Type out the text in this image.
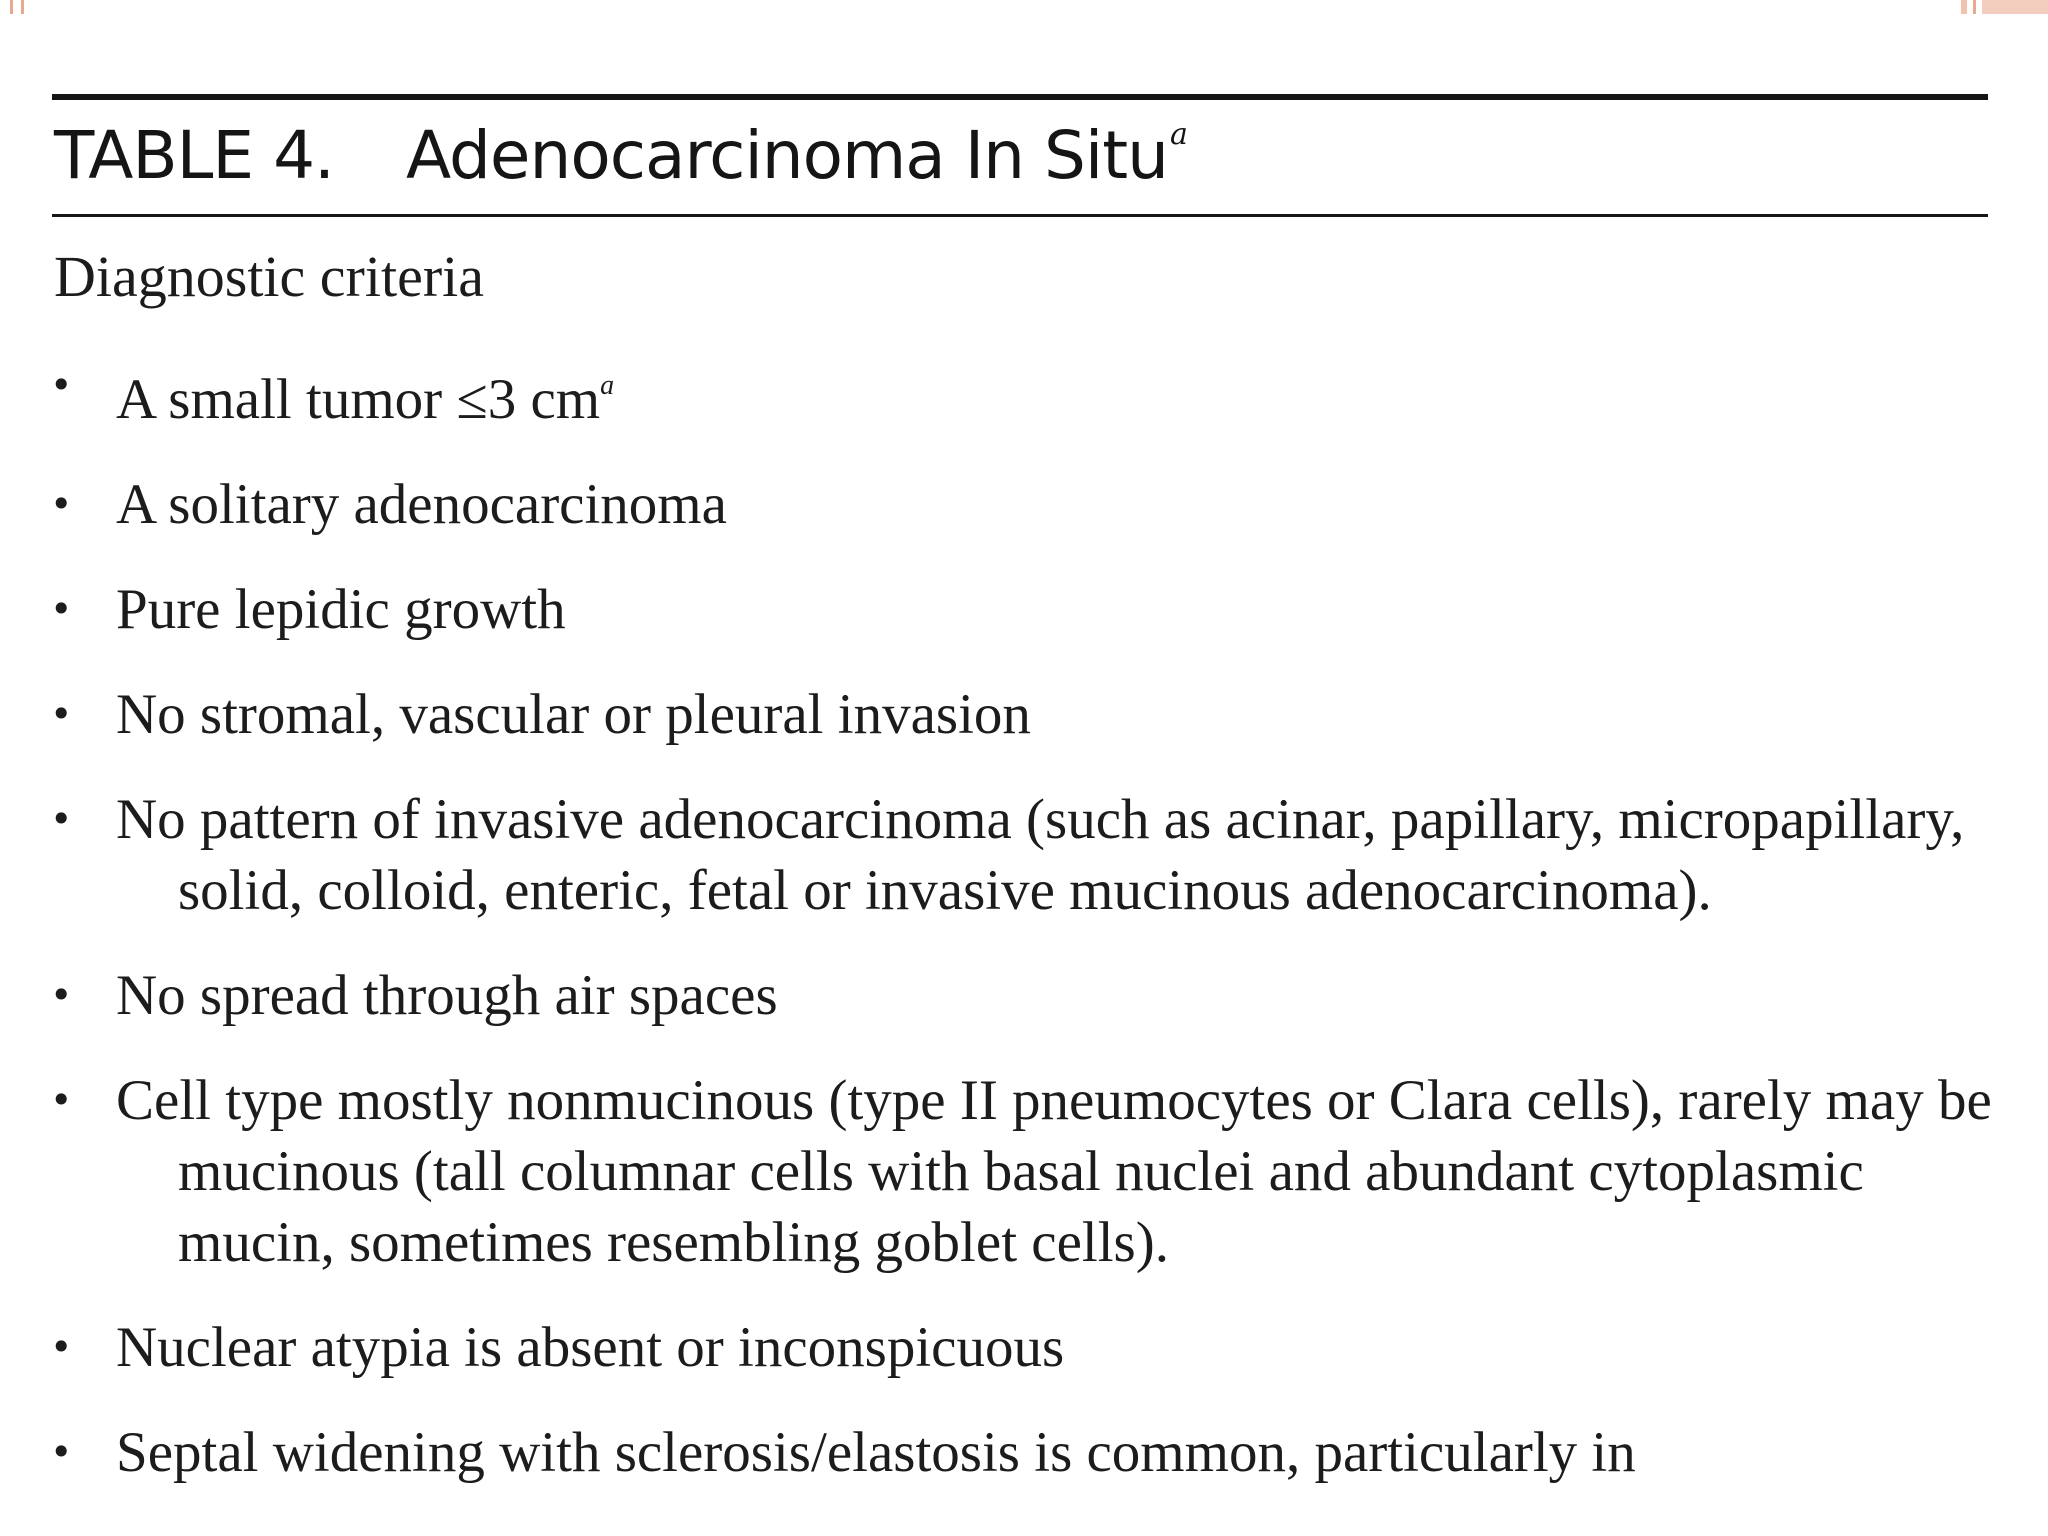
TABLE 4. Adenocarcinoma In Situ$^a$
Diagnostic criteria
• A small tumor ≤3 $cm^a$
• A solitary adenocarcinoma
• Pure lepidic growth
• No stromal, vascular or pleural invasion
• No pattern of invasive adenocarcinoma (such as acinar, papillary, micropapillary, solid, colloid, enteric, fetal or invasive mucinous adenocarcinoma).
• No spread through air spaces
• Cell type mostly nonmucinous (type II pneumocytes or Clara cells), rarely may be mucinous (tall columnar cells with basal nuclei and abundant cytoplasmic mucin, sometimes resembling goblet cells).
• Nuclear atypia is absent or inconspicuous
• Septal widening with sclerosis/elastosis is common, particularly in
